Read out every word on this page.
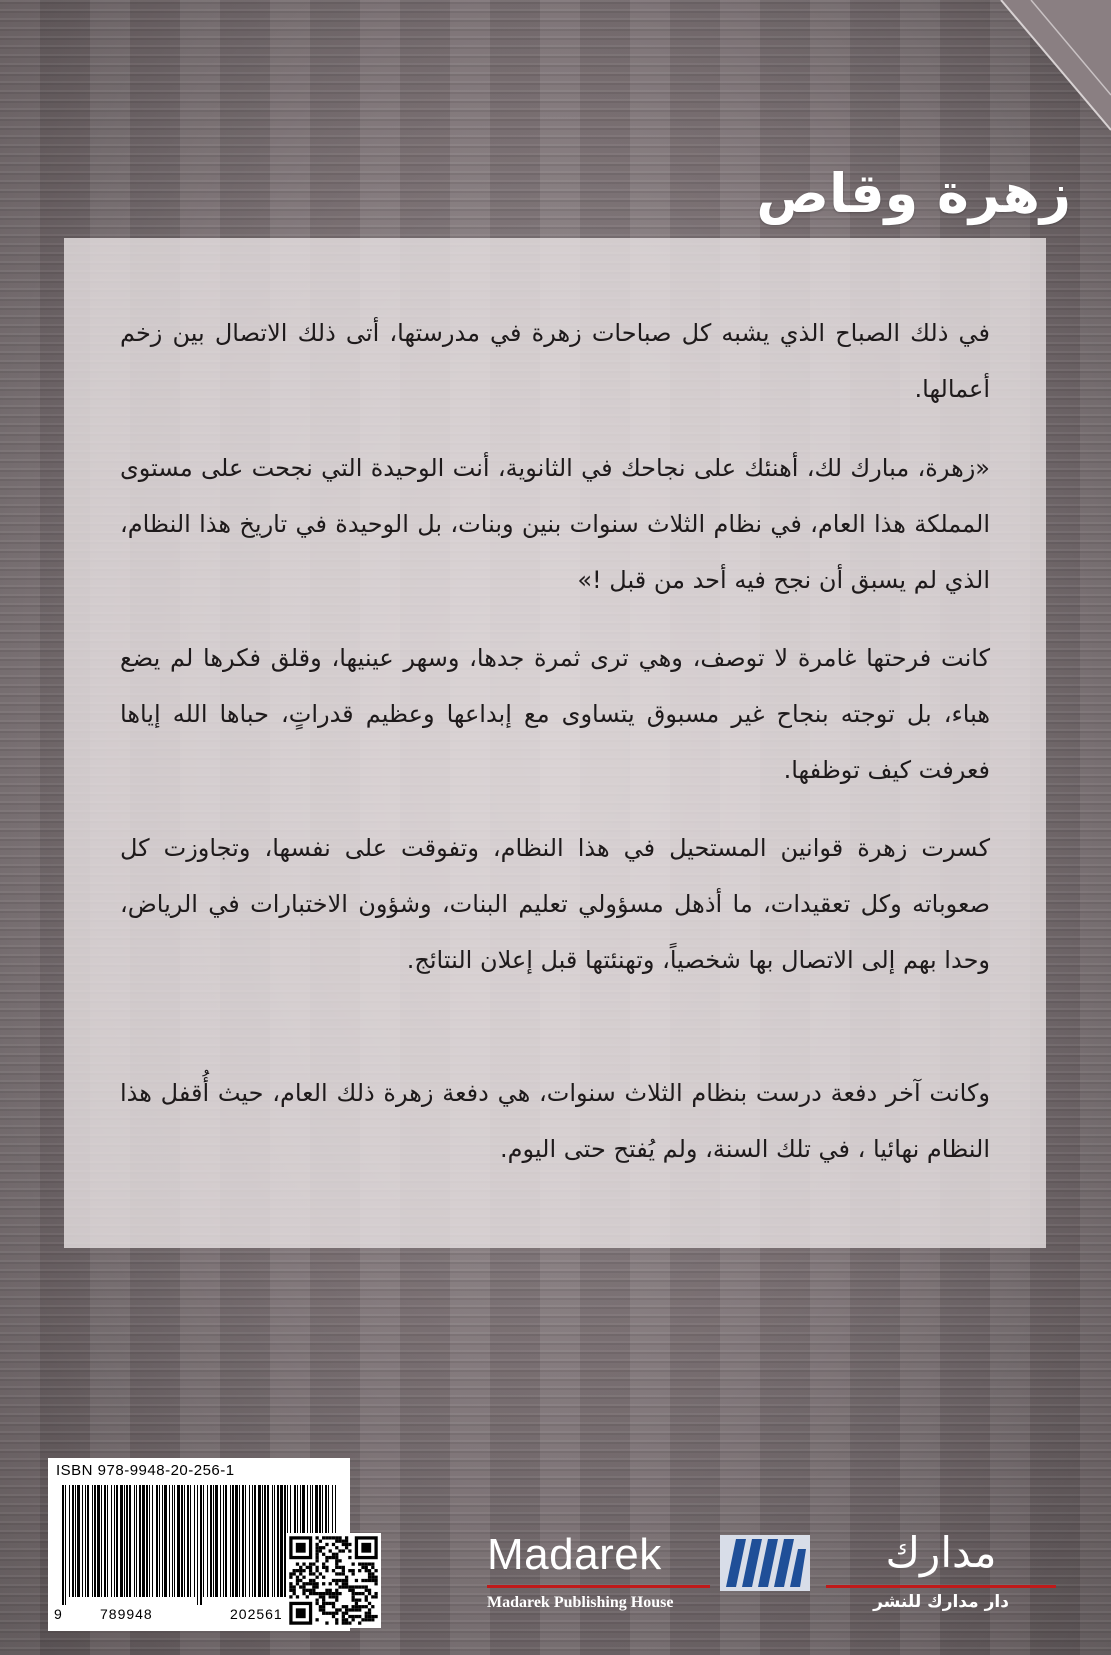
زهرة وقاص

في ذلك الصباح الذي يشبه كل صباحات زهرة في مدرستها، أتى ذلك الاتصال بين زخم أعمالها.

«زهرة، مبارك لك، أهنئك على نجاحك في الثانوية، أنت الوحيدة التي نجحت على مستوى المملكة هذا العام، في نظام الثلاث سنوات بنين وبنات، بل الوحيدة في تاريخ هذا النظام، الذي لم يسبق أن نجح فيه أحد من قبل !»

كانت فرحتها غامرة لا توصف، وهي ترى ثمرة جدها، وسهر عينيها، وقلق فكرها لم يضع هباء، بل توجته بنجاح غير مسبوق يتساوى مع إبداعها وعظيم قدراتٍ، حباها الله إياها فعرفت كيف توظفها.

كسرت زهرة قوانين المستحيل في هذا النظام، وتفوقت على نفسها، وتجاوزت كل صعوباته وكل تعقيدات، ما أذهل مسؤولي تعليم البنات، وشؤون الاختبارات في الرياض، وحدا بهم إلى الاتصال بها شخصياً، وتهنئتها قبل إعلان النتائج.

وكانت آخر دفعة درست بنظام الثلاث سنوات، هي دفعة زهرة ذلك العام، حيث أُقفل هذا النظام نهائيا ، في تلك السنة، ولم يُفتح حتى اليوم.

ISBN 978-9948-20-256-1
9	789948	202561
Madarek
Madarek Publishing House
مدارك
دار مدارك للنشر
